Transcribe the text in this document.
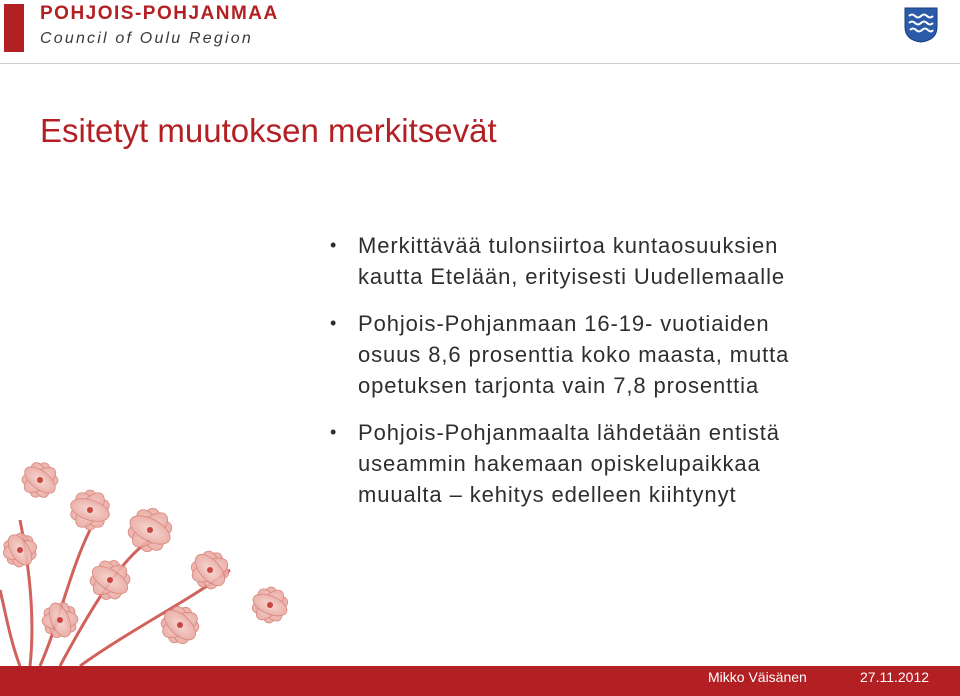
POHJOIS-POHJANMAA
Council of Oulu Region
Esitetyt muutoksen merkitsevät
• Merkittävää tulonsiirtoa kuntaosuuksien
kautta Etelään, erityisesti Uudellemaalle
• Pohjois-Pohjanmaan 16-19- vuotiaiden
osuus 8,6 prosenttia koko maasta, mutta
opetuksen tarjonta vain 7,8 prosenttia
• Pohjois-Pohjanmaalta lähdetään entistä
useammin hakemaan opiskelupaikkaa
muualta – kehitys edelleen kiihtynyt
Mikko Väisänen	27.11.2012
